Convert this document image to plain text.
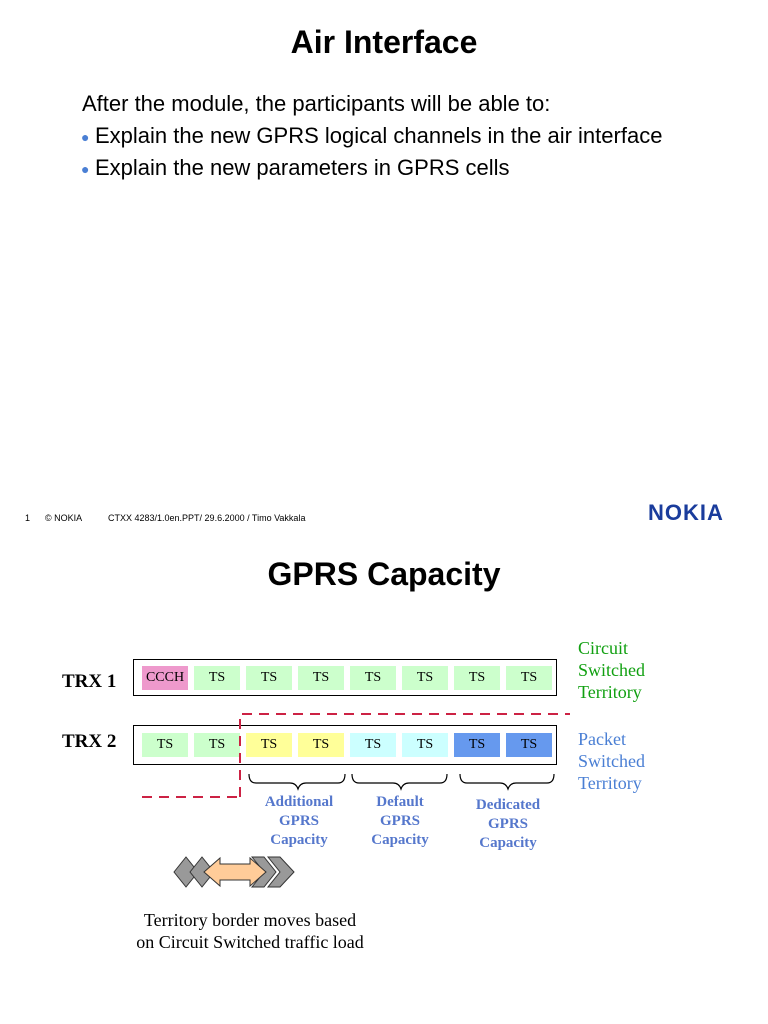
Air Interface
After the module, the participants will be able to:
● Explain the new GPRS logical channels in the air interface
● Explain the new parameters in GPRS cells
1 © NOKIA	CTXX 4283/1.0en.PPT/ 29.6.2000 / Timo Vakkala	NOKIA
GPRS Capacity
TRX 1
TRX 2
CCCH	TS	TS	TS	TS	TS	TS	TS
TS	TS	TS	TS	TS	TS	TS	TS
Circuit
Switched
Territory
Packet
Switched
Territory
Additional
GPRS
Capacity
Default
GPRS
Capacity
Dedicated
GPRS
Capacity
Territory border moves based
on Circuit Switched traffic load
